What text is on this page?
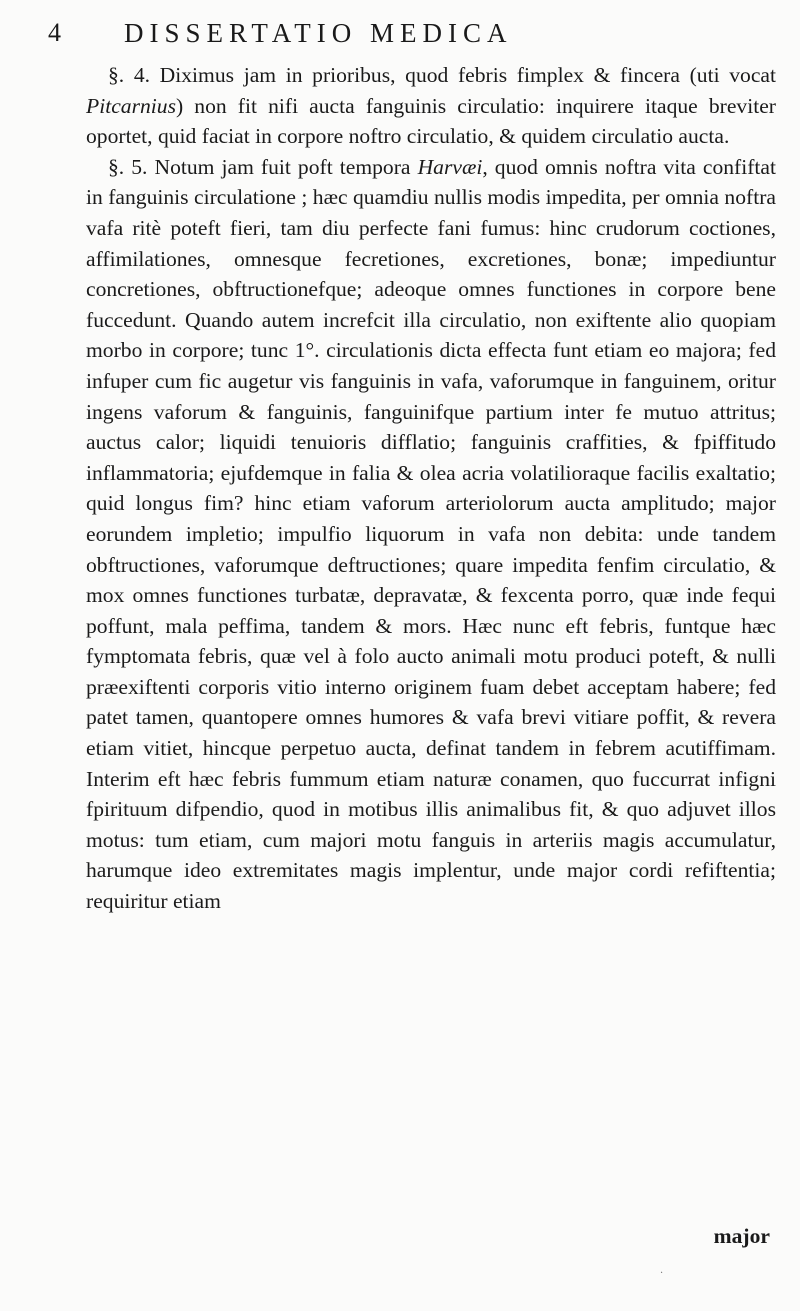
4	DISSERTATIO MEDICA

§. 4. Diximus jam in prioribus, quod febris fimplex & fincera (uti vocat Pitcarnius) non fit nifi aucta fanguinis circulatio: inquirere itaque breviter oportet, quid faciat in corpore noftro circulatio, & quidem circulatio aucta.

§. 5. Notum jam fuit poft tempora Harvæi, quod omnis noftra vita confiftat in fanguinis circulatione ; hæc quamdiu nullis modis impedita, per omnia noftra vafa ritè poteft fieri, tam diu perfecte fani fumus: hinc crudorum coctiones, affimilationes, omnesque fecretiones, excretiones, bonæ; impediuntur concretiones, obftructionefque; adeoque omnes functiones in corpore bene fuccedunt. Quando autem increfcit illa circulatio, non exiftente alio quopiam morbo in corpore; tunc 1°. circulationis dicta effecta funt etiam eo majora; fed infuper cum fic augetur vis fanguinis in vafa, vaforumque in fanguinem, oritur ingens vaforum & fanguinis, fanguinifque partium inter fe mutuo attritus; auctus calor; liquidi tenuioris difflatio; fanguinis craffities, & fpiffitudo inflammatoria; ejufdemque in falia & olea acria volatilioraque facilis exaltatio; quid longus fim? hinc etiam vaforum arteriolorum aucta amplitudo; major eorundem impletio; impulfio liquorum in vafa non debita: unde tandem obftructiones, vaforumque deftructiones; quare impedita fenfim circulatio, & mox omnes functiones turbatæ, depravatæ, & fexcenta porro, quæ inde fequi poffunt, mala peffima, tandem & mors. Hæc nunc eft febris, funtque hæc fymptomata febris, quæ vel à folo aucto animali motu produci poteft, & nulli præexiftenti corporis vitio interno originem fuam debet acceptam habere; fed patet tamen, quantopere omnes humores & vafa brevi vitiare poffit, & revera etiam vitiet, hincque perpetuo aucta, definat tandem in febrem acutiffimam. Interim eft hæc febris fummum etiam naturæ conamen, quo fuccurrat infigni fpirituum difpendio, quod in motibus illis animalibus fit, & quo adjuvet illos motus: tum etiam, cum majori motu fanguis in arteriis magis accumulatur, harumque ideo extremitates magis implentur, unde major cordi refiftentia; requiritur etiam

major
·
